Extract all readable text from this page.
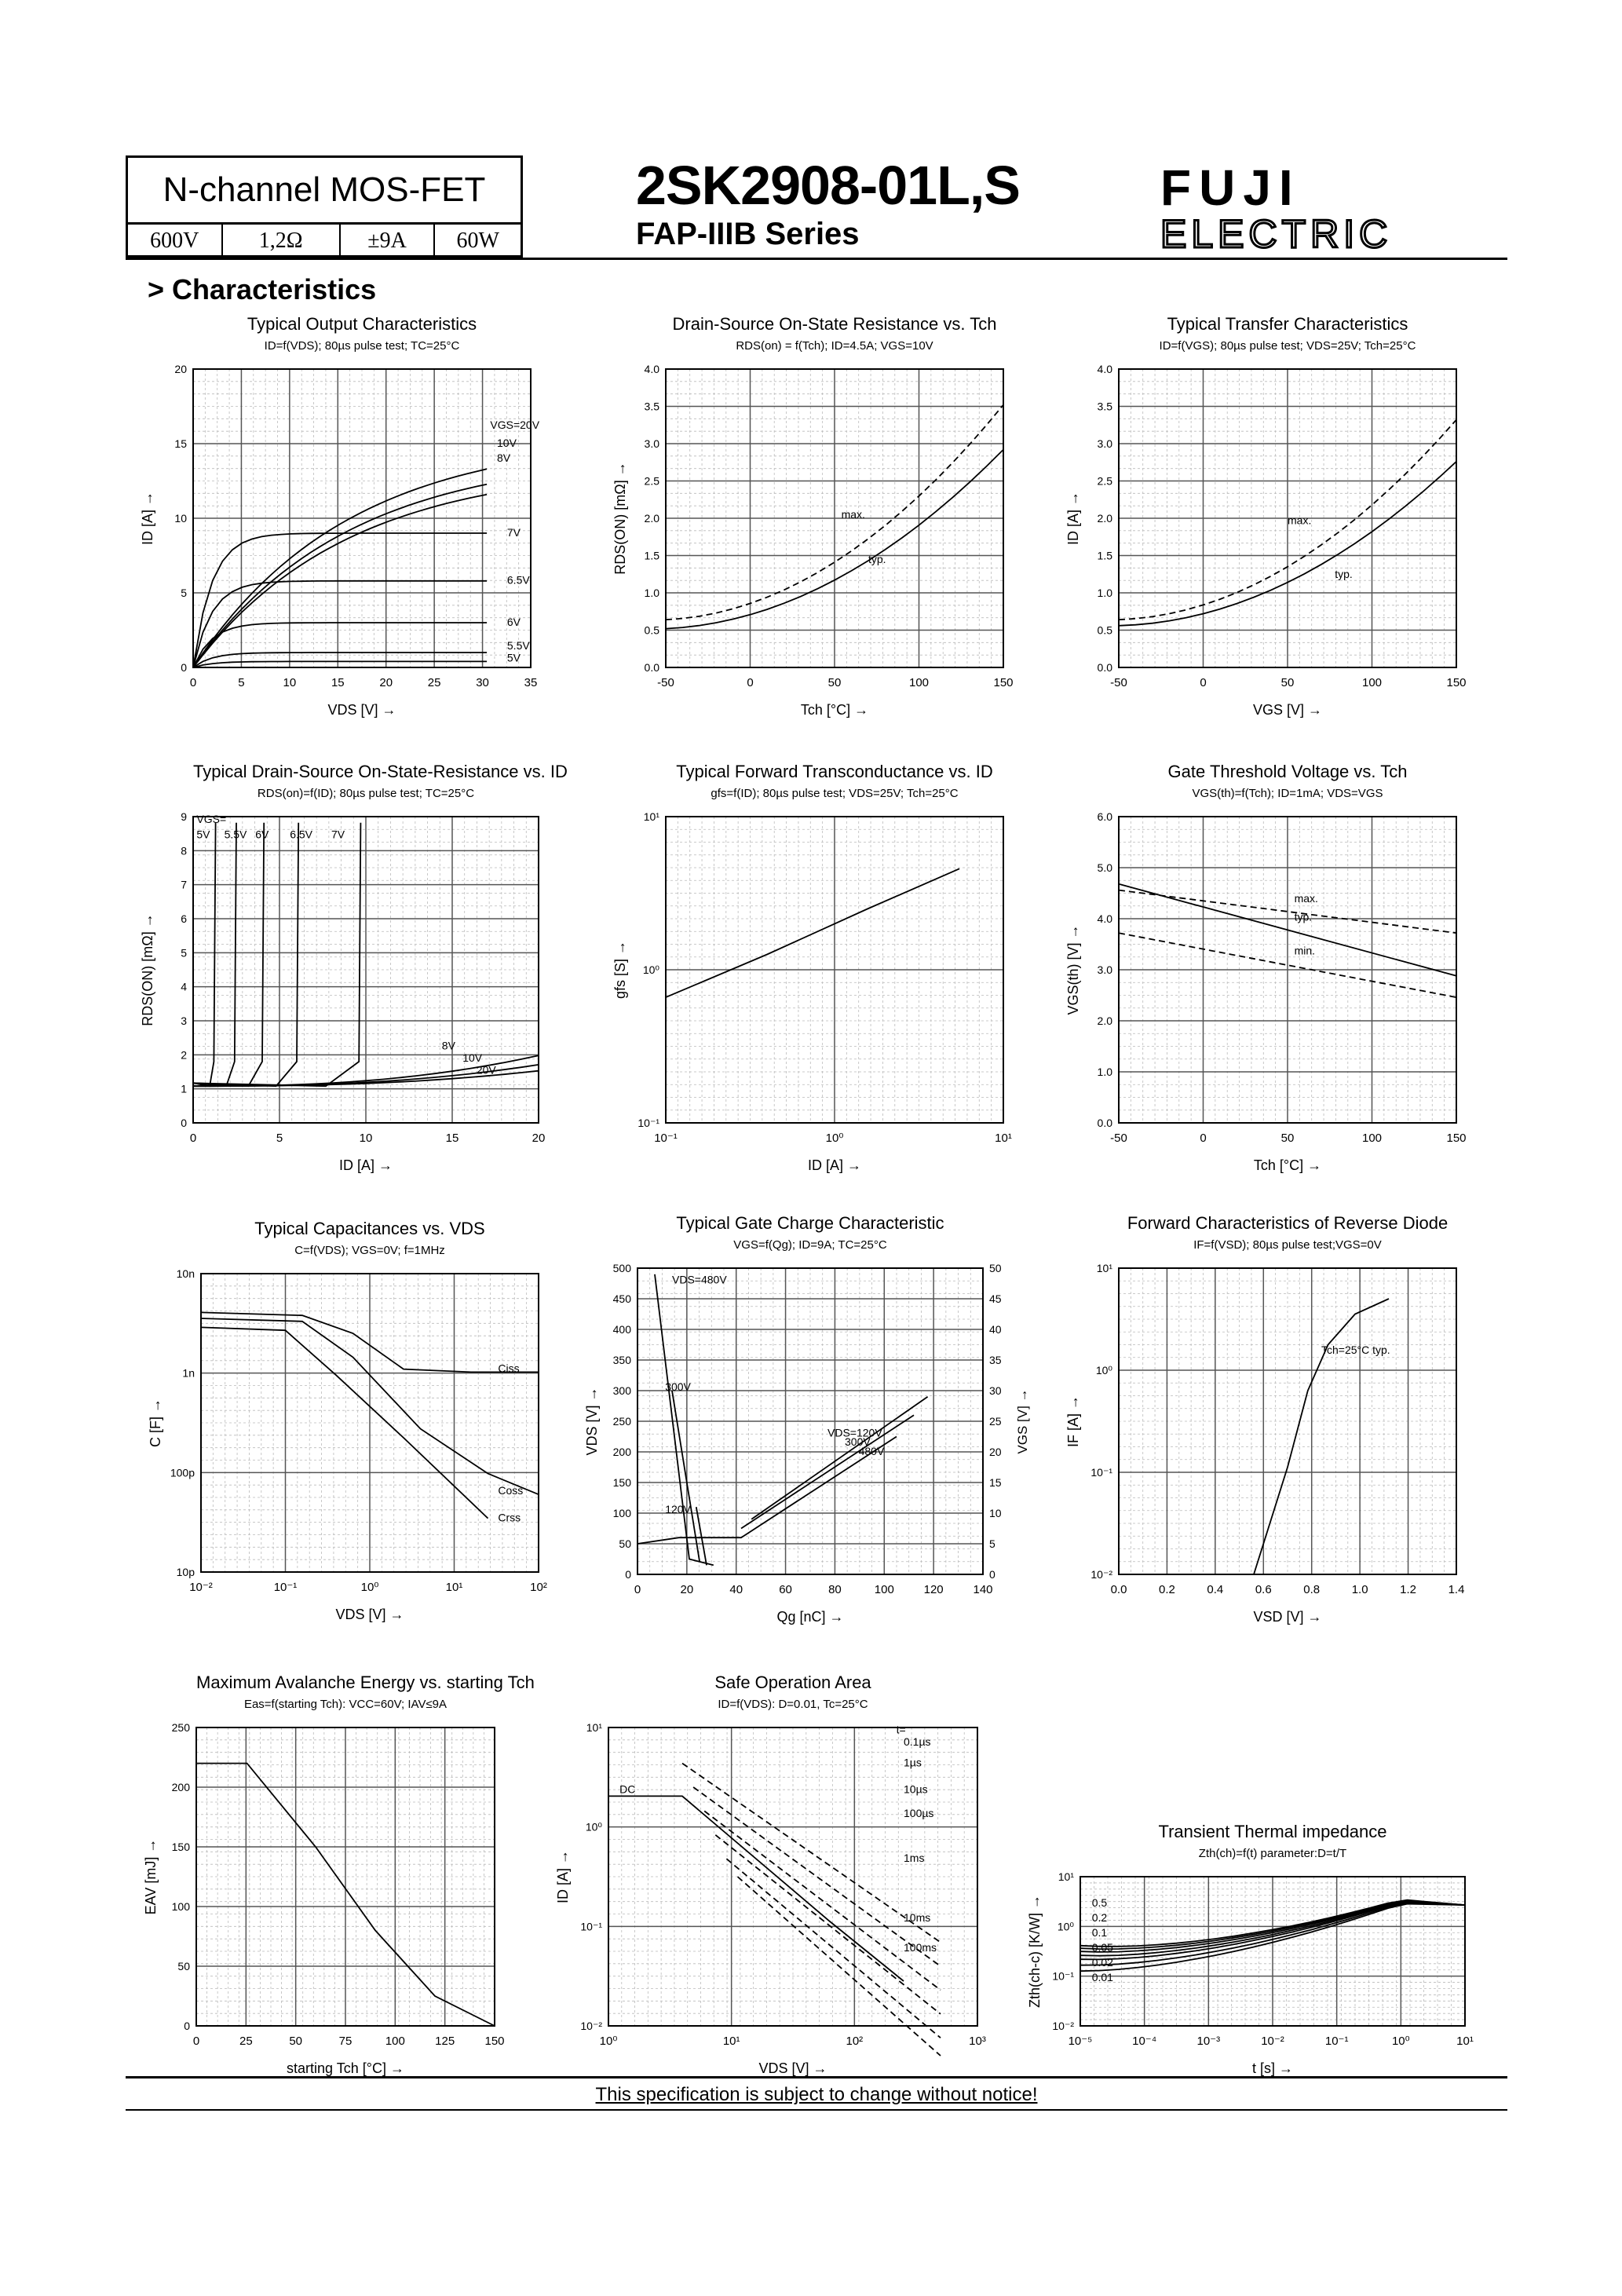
N-channel MOS-FET
600V	1,2Ω	±9A	60W
2SK2908-01L,S
FAP-IIIB Series
FUJI
ELECTRIC
> Characteristics
Typical Output Characteristics
ID=f(VDS); 80µs pulse test; TC=25°C
0	5	10	15	20	25	30	35
0
5
10
15
20
VDS [V] →
ID [A] →
VGS=20V
10V
8V
7V
6.5V
6V
5.5V
5V
Drain-Source On-State Resistance vs. Tch
RDS(on) = f(Tch); ID=4.5A; VGS=10V
-50	0	50	100	150
0.0
0.5
1.0
1.5
2.0
2.5
3.0
3.5
4.0
Tch [°C] →
RDS(ON) [mΩ] →	max.
typ.
Typical Transfer Characteristics
ID=f(VGS); 80µs pulse test; VDS=25V; Tch=25°C
-50	0	50	100	150
0.0
0.5
1.0
1.5
2.0
2.5
3.0
3.5
4.0
VGS [V] →
ID [A] →	max.
typ.
Typical Drain-Source On-State-Resistance vs. ID
RDS(on)=f(ID); 80µs pulse test; TC=25°C
0	5	10	15	20
0
1
2
3
4
5
6
7
8
9
ID [A] →
RDS(ON) [mΩ] →
VGS=
5V 5.5V 6V 6.5V 7V
8V
10V
20V
Typical Forward Transconductance vs. ID
gfs=f(ID); 80µs pulse test; VDS=25V; Tch=25°C
10⁻¹	10⁰	10¹
10⁻¹
10⁰
10¹
ID [A] →
gfs [S] →
Gate Threshold Voltage vs. Tch
VGS(th)=f(Tch); ID=1mA; VDS=VGS
-50	0	50	100	150
0.0
1.0
2.0
3.0
4.0
5.0
6.0
Tch [°C] →
VGS(th) [V] →
max.
typ.
min.
Typical Capacitances vs. VDS
C=f(VDS); VGS=0V; f=1MHz
10⁻²	10⁻¹	10⁰	10¹	10²
10p
100p
1n
10n
VDS [V] →
C [F] →
Ciss
Coss
Crss
Typical Gate Charge Characteristic
VGS=f(Qg); ID=9A; TC=25°C
0	20	40	60	80	100	120	140
0
50
100
150
200
250
300
350
400
450
500
0
5
10
15
20
25
30
35
40
45
50
VGS [V] →
Qg [nC] →
VDS [V] →
VDS=480V
300V
120V
VDS=120V
300V
480V
Forward Characteristics of Reverse Diode
IF=f(VSD); 80µs pulse test;VGS=0V
0.0	0.2	0.4	0.6	0.8	1.0	1.2	1.4
10⁻²
10⁻¹
10⁰
10¹
VSD [V] →
IF [A] →
Tch=25°C typ.
Maximum Avalanche Energy vs. starting Tch
Eas=f(starting Tch): VCC=60V; IAV≤9A
0	25	50	75	100	125	150
0
50
100
150
200
250
starting Tch [°C] →
EAV [mJ] →
Safe Operation Area
ID=f(VDS): D=0.01, Tc=25°C
10⁰	10¹	10²	10³
10⁻²
10⁻¹
10⁰
10¹
VDS [V] →
ID [A] →
t=
0.1µs
1µs
10µs
100µs
1ms
10ms
100ms
DC
Transient Thermal impedance
Zth(ch)=f(t) parameter:D=t/T
10⁻⁵	10⁻⁴	10⁻³	10⁻²	10⁻¹	10⁰	10¹
10⁻²
10⁻¹
10⁰
10¹
t [s] →
Zth(ch-c) [K/W] →	0.5
0.2
0.1
0.05
0.02
0.01
This specification is subject to change without notice!
